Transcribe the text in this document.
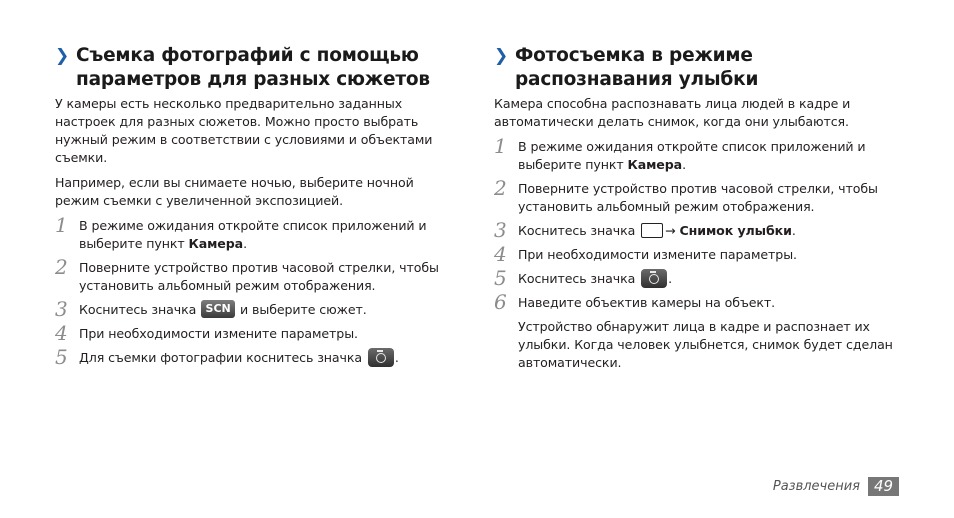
❯ Съемка фотографий с помощью параметров для разных сюжетов

У камеры есть несколько предварительно заданных настроек для разных сюжетов. Можно просто выбрать нужный режим в соответствии с условиями и объектами съемки.

Например, если вы снимаете ночью, выберите ночной режим съемки с увеличенной экспозицией.

1 В режиме ожидания откройте список приложений и выберите пункт Камера.
2 Поверните устройство против часовой стрелки, чтобы установить альбомный режим отображения.
3 Коснитесь значка SCN и выберите сюжет.
4 При необходимости измените параметры.
5 Для съемки фотографии коснитесь значка .
❯ Фотосъемка в режиме распознавания улыбки

Камера способна распознавать лица людей в кадре и автоматически делать снимок, когда они улыбаются.

1 В режиме ожидания откройте список приложений и выберите пункт Камера.
2 Поверните устройство против часовой стрелки, чтобы установить альбомный режим отображения.
3 Коснитесь значка → Снимок улыбки.
4 При необходимости измените параметры.
5 Коснитесь значка .
6 Наведите объектив камеры на объект.
Устройство обнаружит лица в кадре и распознает их улыбки. Когда человек улыбнется, снимок будет сделан автоматически.
Развлечения 49
